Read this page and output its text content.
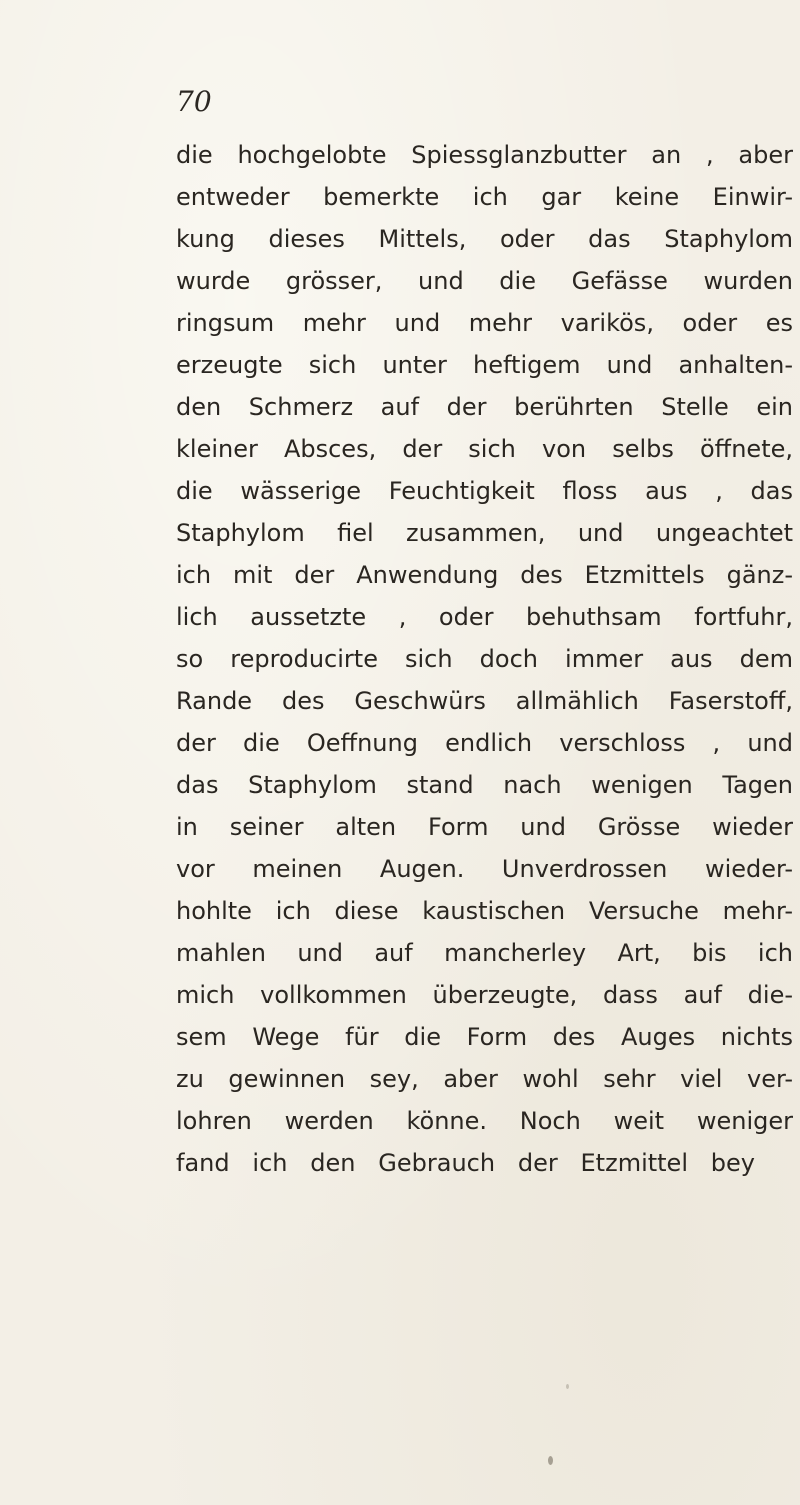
70
die hochgelobte Spiessglanzbutter an , aber
entweder bemerkte ich gar keine Einwir-
kung dieses Mittels, oder das Staphylom
wurde grösser, und die Gefässe wurden
ringsum mehr und mehr varikös, oder es
erzeugte sich unter heftigem und anhalten-
den Schmerz auf der berührten Stelle ein
kleiner Absces, der sich von selbs öffnete,
die wässerige Feuchtigkeit floss aus , das
Staphylom fiel zusammen, und ungeachtet
ich mit der Anwendung des Etzmittels gänz-
lich aussetzte , oder behuthsam fortfuhr,
so reproducirte sich doch immer aus dem
Rande des Geschwürs allmählich Faserstoff,
der die Oeffnung endlich verschloss , und
das Staphylom stand nach wenigen Tagen
in seiner alten Form und Grösse wieder
vor meinen Augen. Unverdrossen wieder-
hohlte ich diese kaustischen Versuche mehr-
mahlen und auf mancherley Art, bis ich
mich vollkommen überzeugte, dass auf die-
sem Wege für die Form des Auges nichts
zu gewinnen sey, aber wohl sehr viel ver-
lohren werden könne. Noch weit weniger
fand ich den Gebrauch der Etzmittel bey
